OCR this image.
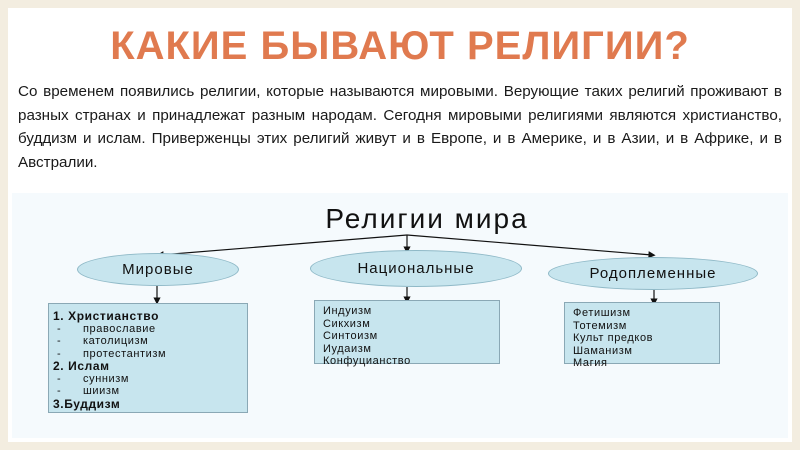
КАКИЕ БЫВАЮТ РЕЛИГИИ?
Со временем появились религии, которые называются мировыми. Верующие таких религий проживают в разных странах и принадлежат разным народам. Сегодня мировыми религиями являются христианство, буддизм и ислам. Приверженцы этих религий живут и в Европе, и в Америке, и в Азии, и в Африке, и в Австралии.
Религии мира
Мировые	Национальные	Родоплеменные
1. Христианство
- православие
- католицизм
- протестантизм
2. Ислам
- суннизм
- шиизм
3.Буддизм
Индуизм
Сикхизм
Синтоизм
Иудаизм
Конфуцианство
Фетишизм
Тотемизм
Культ предков
Шаманизм
Магия
